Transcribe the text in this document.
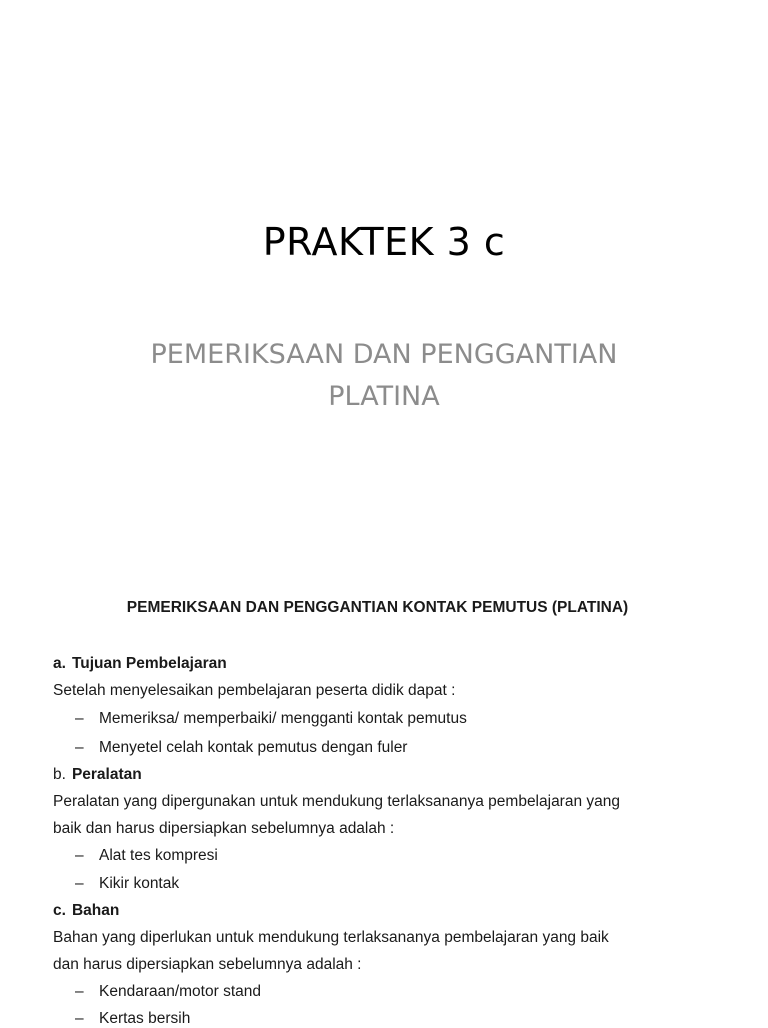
PRAKTEK 3 c
PEMERIKSAAN DAN PENGGANTIAN
PLATINA
PEMERIKSAAN DAN PENGGANTIAN KONTAK PEMUTUS (PLATINA)
a. Tujuan Pembelajaran
Setelah menyelesaikan pembelajaran peserta didik dapat :
– Memeriksa/ memperbaiki/ mengganti kontak pemutus
– Menyetel celah kontak pemutus dengan fuler
b. Peralatan
Peralatan yang dipergunakan untuk mendukung terlaksananya pembelajaran yang
baik dan harus dipersiapkan sebelumnya adalah :
– Alat tes kompresi
– Kikir kontak
c. Bahan
Bahan yang diperlukan untuk mendukung terlaksananya pembelajaran yang baik
dan harus dipersiapkan sebelumnya adalah :
– Kendaraan/motor stand
– Kertas bersih
